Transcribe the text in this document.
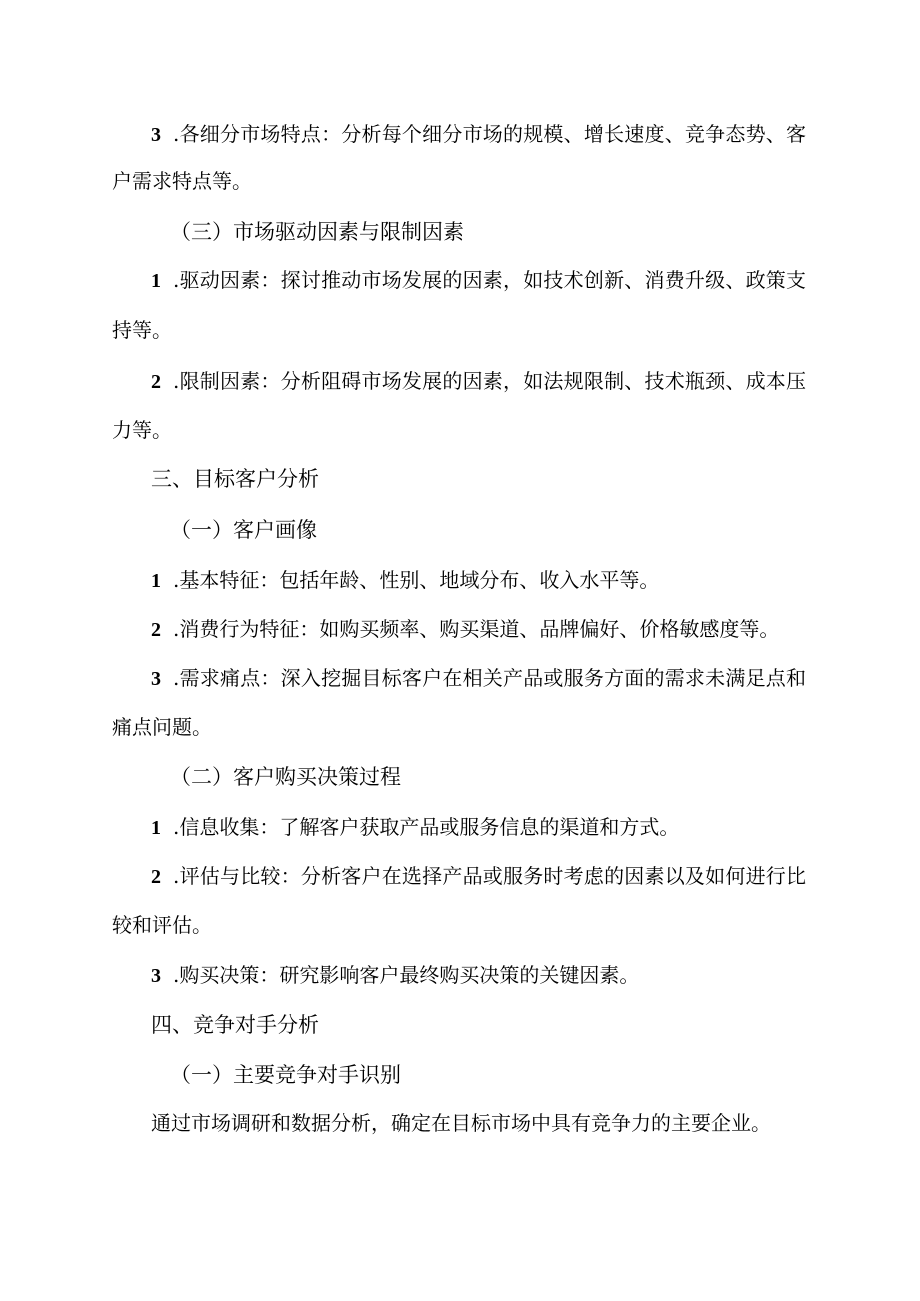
3 .各细分市场特点：分析每个细分市场的规模、增长速度、竞争态势、客

户需求特点等。

（三）市场驱动因素与限制因素

1 .驱动因素：探讨推动市场发展的因素，如技术创新、消费升级、政策支

持等。

2 .限制因素：分析阻碍市场发展的因素，如法规限制、技术瓶颈、成本压

力等。

三、目标客户分析

（一）客户画像

1 .基本特征：包括年龄、性别、地域分布、收入水平等。

2 .消费行为特征：如购买频率、购买渠道、品牌偏好、价格敏感度等。

3 .需求痛点：深入挖掘目标客户在相关产品或服务方面的需求未满足点和

痛点问题。

（二）客户购买决策过程

1 .信息收集：了解客户获取产品或服务信息的渠道和方式。

2 .评估与比较：分析客户在选择产品或服务时考虑的因素以及如何进行比

较和评估。

3 .购买决策：研究影响客户最终购买决策的关键因素。

四、竞争对手分析

（一）主要竞争对手识别

通过市场调研和数据分析，确定在目标市场中具有竞争力的主要企业。
